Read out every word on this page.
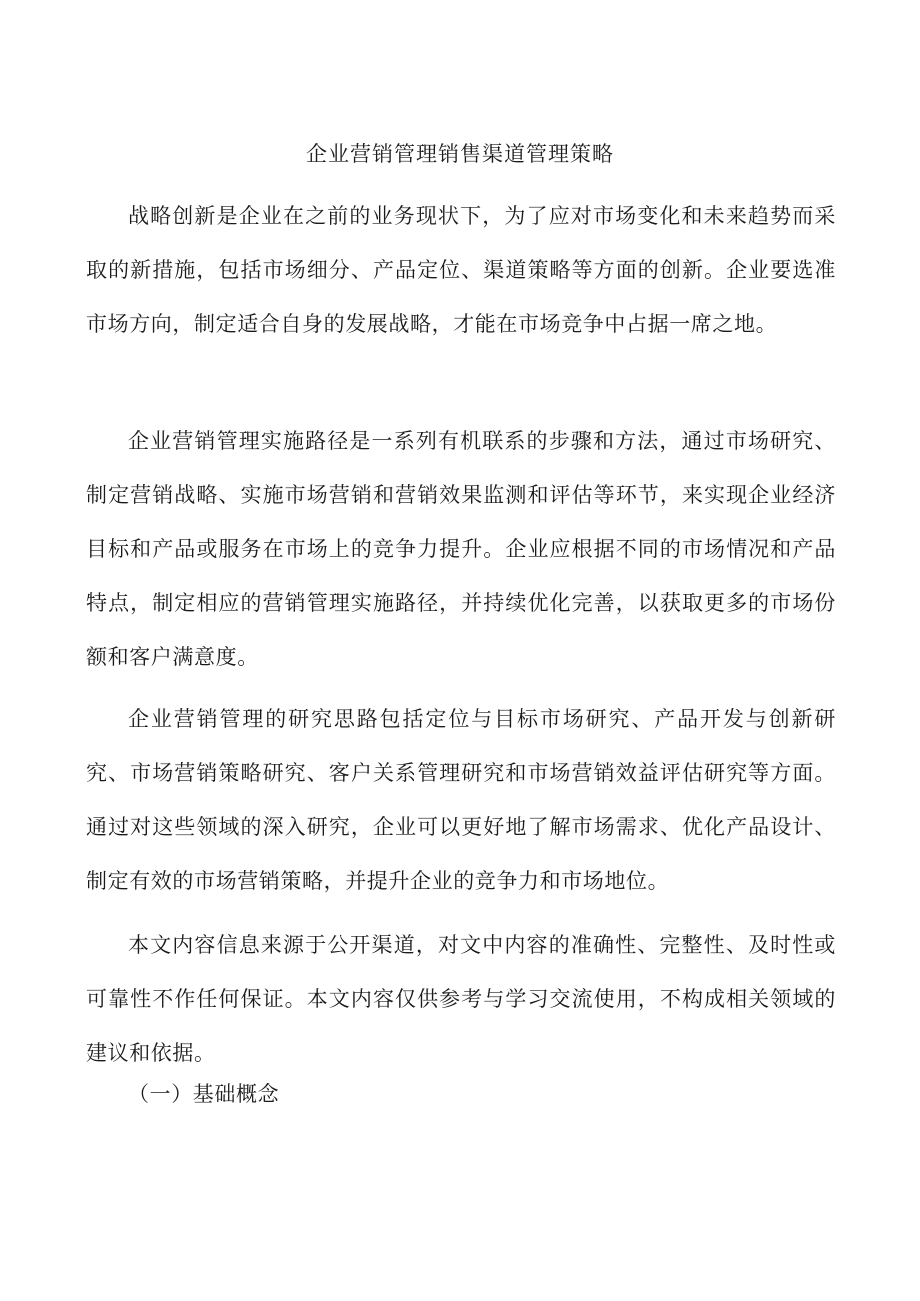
企业营销管理销售渠道管理策略

战略创新是企业在之前的业务现状下，为了应对市场变化和未来趋势而采取的新措施，包括市场细分、产品定位、渠道策略等方面的创新。企业要选准市场方向，制定适合自身的发展战略，才能在市场竞争中占据一席之地。

企业营销管理实施路径是一系列有机联系的步骤和方法，通过市场研究、制定营销战略、实施市场营销和营销效果监测和评估等环节，来实现企业经济目标和产品或服务在市场上的竞争力提升。企业应根据不同的市场情况和产品特点，制定相应的营销管理实施路径，并持续优化完善，以获取更多的市场份额和客户满意度。

企业营销管理的研究思路包括定位与目标市场研究、产品开发与创新研究、市场营销策略研究、客户关系管理研究和市场营销效益评估研究等方面。通过对这些领域的深入研究，企业可以更好地了解市场需求、优化产品设计、制定有效的市场营销策略，并提升企业的竞争力和市场地位。

本文内容信息来源于公开渠道，对文中内容的准确性、完整性、及时性或可靠性不作任何保证。本文内容仅供参考与学习交流使用，不构成相关领域的建议和依据。

（一）基础概念
